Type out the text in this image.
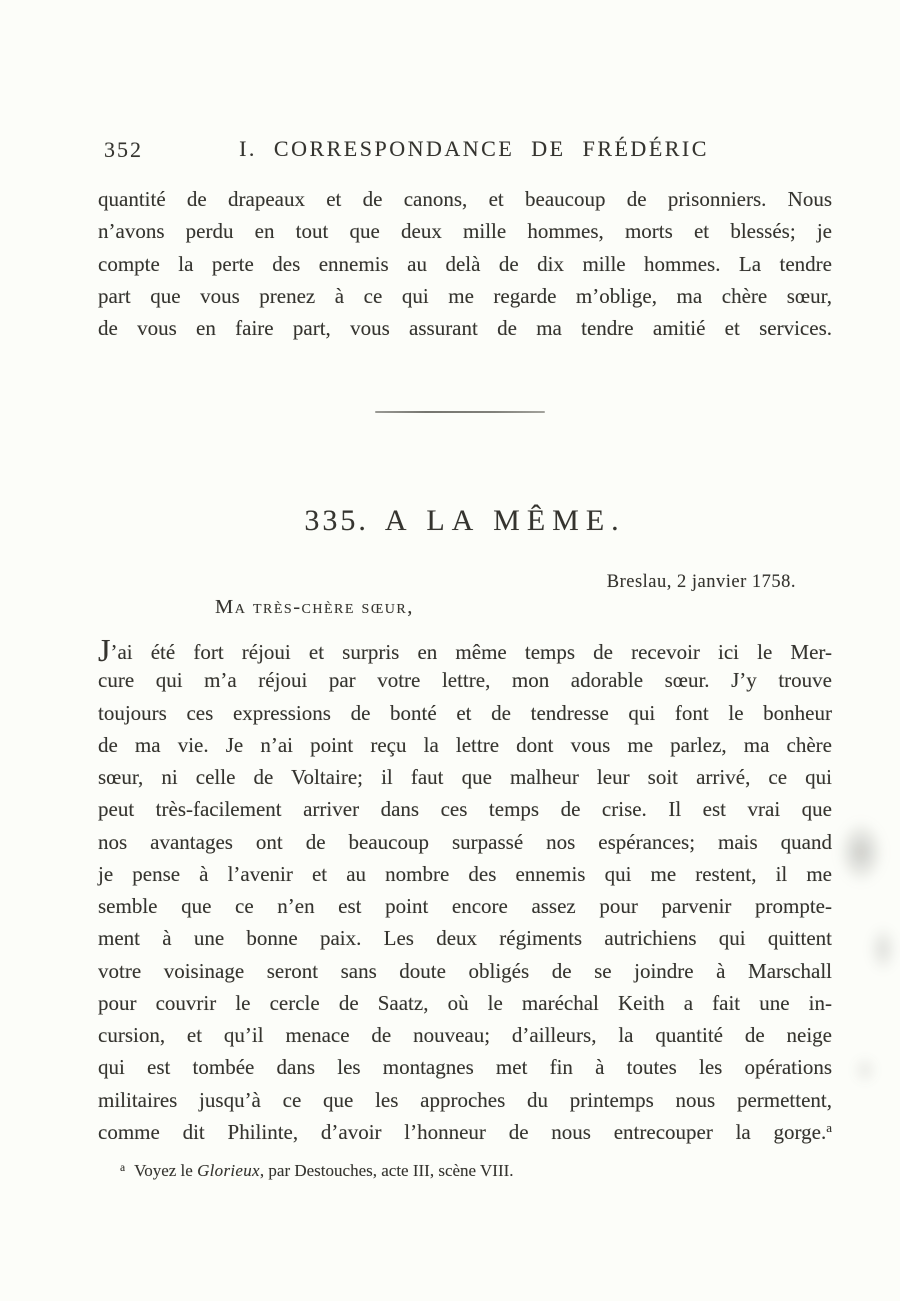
352	I. CORRESPONDANCE DE FRÉDÉRIC
quantité de drapeaux et de canons, et beaucoup de prisonniers. Nous
n’avons perdu en tout que deux mille hommes, morts et blessés; je
compte la perte des ennemis au delà de dix mille hommes. La tendre
part que vous prenez à ce qui me regarde m’oblige, ma chère sœur,
de vous en faire part, vous assurant de ma tendre amitié et services.
335. A LA MÊME.
Breslau, 2 janvier 1758.
Ma très-chère sœur,
J’ai été fort réjoui et surpris en même temps de recevoir ici le Mer-
cure qui m’a réjoui par votre lettre, mon adorable sœur. J’y trouve
toujours ces expressions de bonté et de tendresse qui font le bonheur
de ma vie. Je n’ai point reçu la lettre dont vous me parlez, ma chère
sœur, ni celle de Voltaire; il faut que malheur leur soit arrivé, ce qui
peut très-facilement arriver dans ces temps de crise. Il est vrai que
nos avantages ont de beaucoup surpassé nos espérances; mais quand
je pense à l’avenir et au nombre des ennemis qui me restent, il me
semble que ce n’en est point encore assez pour parvenir prompte-
ment à une bonne paix. Les deux régiments autrichiens qui quittent
votre voisinage seront sans doute obligés de se joindre à Marschall
pour couvrir le cercle de Saatz, où le maréchal Keith a fait une in-
cursion, et qu’il menace de nouveau; d’ailleurs, la quantité de neige
qui est tombée dans les montagnes met fin à toutes les opérations
militaires jusqu’à ce que les approches du printemps nous permettent,
comme dit Philinte, d’avoir l’honneur de nous entrecouper la gorge.$^a$
$^a$ Voyez le Glorieux, par Destouches, acte III, scène VIII.
